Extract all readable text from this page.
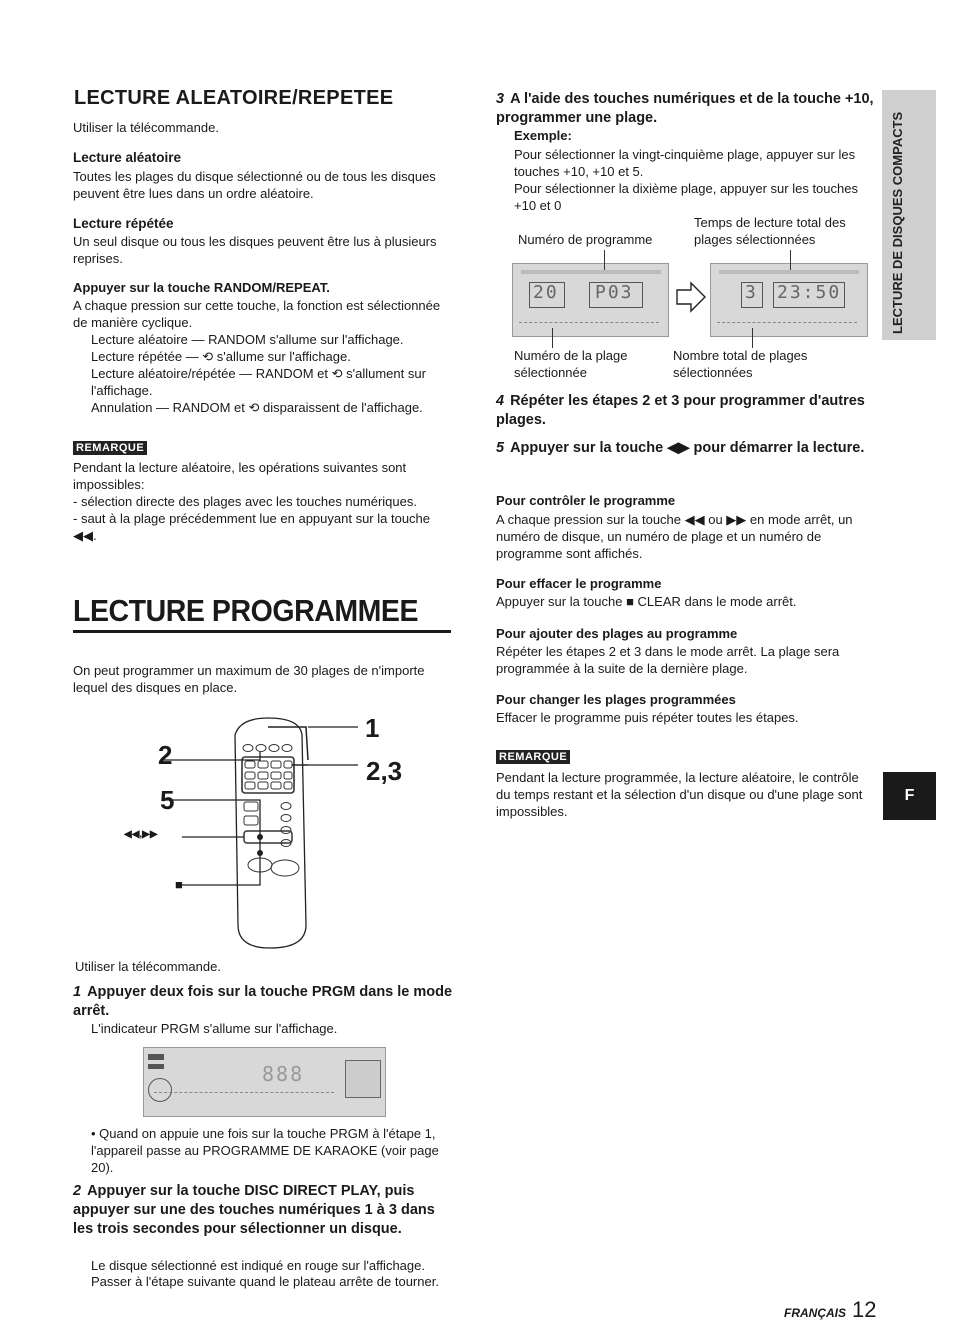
LECTURE ALEATOIRE/REPETEE
Utiliser la télécommande.
Lecture aléatoire
Toutes les plages du disque sélectionné ou de tous les disques peuvent être lues dans un ordre aléatoire.
Lecture répétée
Un seul disque ou tous les disques peuvent être lus à plusieurs reprises.
Appuyer sur la touche RANDOM/REPEAT.
A chaque pression sur cette touche, la fonction est sélectionnée de manière cyclique.
Lecture aléatoire — RANDOM s'allume sur l'affichage.
Lecture répétée — ⟲ s'allume sur l'affichage.
Lecture aléatoire/répétée — RANDOM et ⟲ s'allument sur l'affichage.
Annulation — RANDOM et ⟲ disparaissent de l'affichage.
REMARQUE
Pendant la lecture aléatoire, les opérations suivantes sont impossibles:
- sélection directe des plages avec les touches numériques.
- saut à la plage précédemment lue en appuyant sur la touche ◀◀.
LECTURE PROGRAMMEE
On peut programmer un maximum de 30 plages de n'importe lequel des disques en place.
1
2
2,3
5
◀◀,▶▶
■
Utiliser la télécommande.
1 Appuyer deux fois sur la touche PRGM dans le mode arrêt.
L'indicateur PRGM s'allume sur l'affichage.
888
• Quand on appuie une fois sur la touche PRGM à l'étape 1, l'appareil passe au PROGRAMME DE KARAOKE (voir page 20).
2 Appuyer sur la touche DISC DIRECT PLAY, puis appuyer sur une des touches numériques 1 à 3 dans les trois secondes pour sélectionner un disque.
Le disque sélectionné est indiqué en rouge sur l'affichage.
Passer à l'étape suivante quand le plateau arrête de tourner.
3 A l'aide des touches numériques et de la touche +10, programmer une plage.
Exemple:
Pour sélectionner la vingt-cinquième plage, appuyer sur les touches +10, +10 et 5.
Pour sélectionner la dixième plage, appuyer sur les touches +10 et 0
Numéro de programme
Temps de lecture total des plages sélectionnées
20 P03	3 23:50
Numéro de la plage sélectionnée
Nombre total de plages sélectionnées
4 Répéter les étapes 2 et 3 pour programmer d'autres plages.
5 Appuyer sur la touche ◀▶ pour démarrer la lecture.
Pour contrôler le programme
A chaque pression sur la touche ◀◀ ou ▶▶ en mode arrêt, un numéro de disque, un numéro de plage et un numéro de programme sont affichés.
Pour effacer le programme
Appuyer sur la touche ■ CLEAR dans le mode arrêt.
Pour ajouter des plages au programme
Répéter les étapes 2 et 3 dans le mode arrêt. La plage sera programmée à la suite de la dernière plage.
Pour changer les plages programmées
Effacer le programme puis répéter toutes les étapes.
REMARQUE
Pendant la lecture programmée, la lecture aléatoire, le contrôle du temps restant et la sélection d'un disque ou d'une plage sont impossibles.
LECTURE DE DISQUES COMPACTS
F
FRANÇAIS 12
